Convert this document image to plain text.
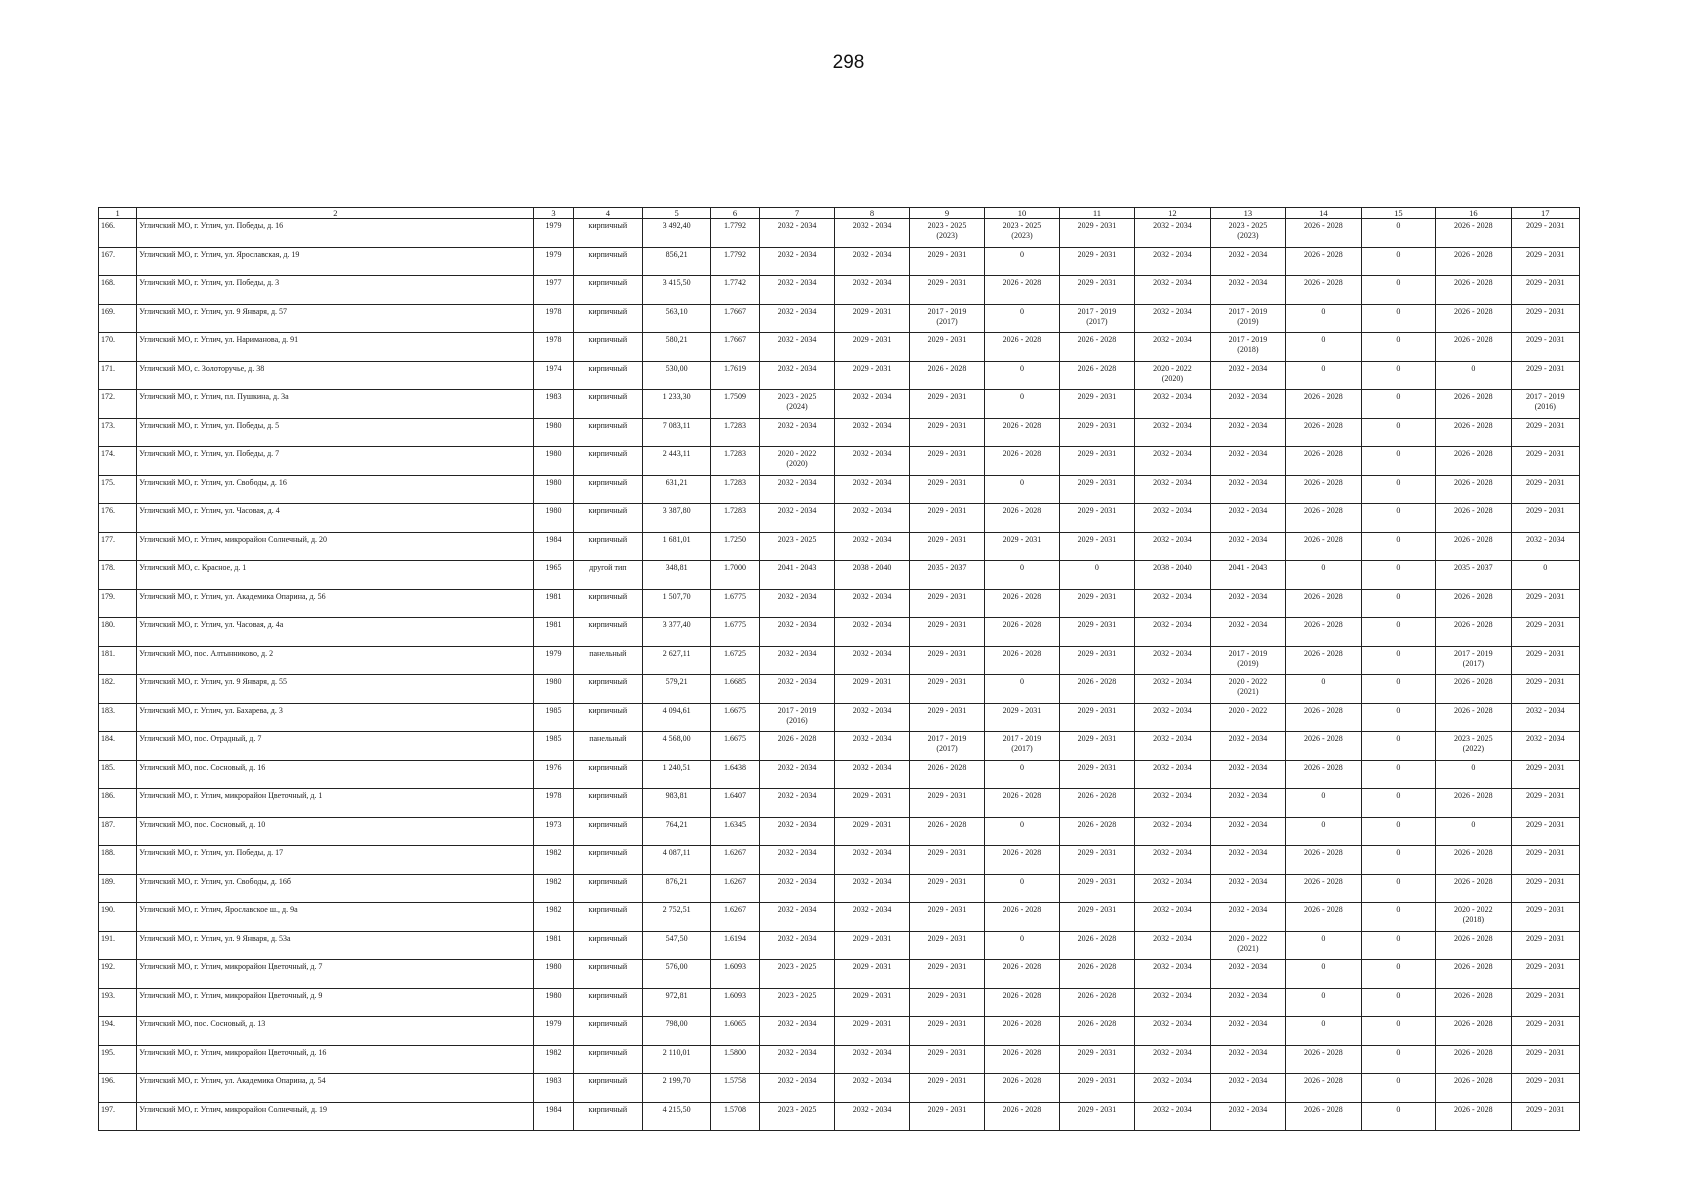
298
1	2	3	4	5	6	7	8	9	10	11	12	13	14	15	16	17
166.	Угличский МО, г. Углич, ул. Победы, д. 16	1979	кирпичный	3 492,40	1.7792	2032 - 2034	2032 - 2034	2023 - 2025
(2023)	2023 - 2025
(2023)	2029 - 2031	2032 - 2034	2023 - 2025
(2023)	2026 - 2028	0	2026 - 2028	2029 - 2031
167.	Угличский МО, г. Углич, ул. Ярославская, д. 19	1979	кирпичный	856,21	1.7792	2032 - 2034	2032 - 2034	2029 - 2031	0	2029 - 2031	2032 - 2034	2032 - 2034	2026 - 2028	0	2026 - 2028	2029 - 2031
168.	Угличский МО, г. Углич, ул. Победы, д. 3	1977	кирпичный	3 415,50	1.7742	2032 - 2034	2032 - 2034	2029 - 2031	2026 - 2028	2029 - 2031	2032 - 2034	2032 - 2034	2026 - 2028	0	2026 - 2028	2029 - 2031
169.	Угличский МО, г. Углич, ул. 9 Января, д. 57	1978	кирпичный	563,10	1.7667	2032 - 2034	2029 - 2031	2017 - 2019
(2017)	0	2017 - 2019
(2017)	2032 - 2034	2017 - 2019
(2019)	0	0	2026 - 2028	2029 - 2031
170.	Угличский МО, г. Углич, ул. Нариманова, д. 91	1978	кирпичный	580,21	1.7667	2032 - 2034	2029 - 2031	2029 - 2031	2026 - 2028	2026 - 2028	2032 - 2034	2017 - 2019
(2018)	0	0	2026 - 2028	2029 - 2031
171.	Угличский МО, с. Золоторучье, д. 38	1974	кирпичный	530,00	1.7619	2032 - 2034	2029 - 2031	2026 - 2028	0	2026 - 2028	2020 - 2022
(2020)	2032 - 2034	0	0	0	2029 - 2031
172.	Угличский МО, г. Углич, пл. Пушкина, д. 3а	1983	кирпичный	1 233,30	1.7509	2023 - 2025
(2024)	2032 - 2034	2029 - 2031	0	2029 - 2031	2032 - 2034	2032 - 2034	2026 - 2028	0	2026 - 2028	2017 - 2019
(2016)
173.	Угличский МО, г. Углич, ул. Победы, д. 5	1980	кирпичный	7 083,11	1.7283	2032 - 2034	2032 - 2034	2029 - 2031	2026 - 2028	2029 - 2031	2032 - 2034	2032 - 2034	2026 - 2028	0	2026 - 2028	2029 - 2031
174.	Угличский МО, г. Углич, ул. Победы, д. 7	1980	кирпичный	2 443,11	1.7283	2020 - 2022
(2020)	2032 - 2034	2029 - 2031	2026 - 2028	2029 - 2031	2032 - 2034	2032 - 2034	2026 - 2028	0	2026 - 2028	2029 - 2031
175.	Угличский МО, г. Углич, ул. Свободы, д. 16	1980	кирпичный	631,21	1.7283	2032 - 2034	2032 - 2034	2029 - 2031	0	2029 - 2031	2032 - 2034	2032 - 2034	2026 - 2028	0	2026 - 2028	2029 - 2031
176.	Угличский МО, г. Углич, ул. Часовая, д. 4	1980	кирпичный	3 387,80	1.7283	2032 - 2034	2032 - 2034	2029 - 2031	2026 - 2028	2029 - 2031	2032 - 2034	2032 - 2034	2026 - 2028	0	2026 - 2028	2029 - 2031
177.	Угличский МО, г. Углич, микрорайон Солнечный, д. 20	1984	кирпичный	1 681,01	1.7250	2023 - 2025	2032 - 2034	2029 - 2031	2029 - 2031	2029 - 2031	2032 - 2034	2032 - 2034	2026 - 2028	0	2026 - 2028	2032 - 2034
178.	Угличский МО, с. Красное, д. 1	1965	другой тип	348,81	1.7000	2041 - 2043	2038 - 2040	2035 - 2037	0	0	2038 - 2040	2041 - 2043	0	0	2035 - 2037	0
179.	Угличский МО, г. Углич, ул. Академика Опарина, д. 56	1981	кирпичный	1 507,70	1.6775	2032 - 2034	2032 - 2034	2029 - 2031	2026 - 2028	2029 - 2031	2032 - 2034	2032 - 2034	2026 - 2028	0	2026 - 2028	2029 - 2031
180.	Угличский МО, г. Углич, ул. Часовая, д. 4а	1981	кирпичный	3 377,40	1.6775	2032 - 2034	2032 - 2034	2029 - 2031	2026 - 2028	2029 - 2031	2032 - 2034	2032 - 2034	2026 - 2028	0	2026 - 2028	2029 - 2031
181.	Угличский МО, пос. Алтынниково, д. 2	1979	панельный	2 627,11	1.6725	2032 - 2034	2032 - 2034	2029 - 2031	2026 - 2028	2029 - 2031	2032 - 2034	2017 - 2019
(2019)	2026 - 2028	0	2017 - 2019
(2017)	2029 - 2031
182.	Угличский МО, г. Углич, ул. 9 Января, д. 55	1980	кирпичный	579,21	1.6685	2032 - 2034	2029 - 2031	2029 - 2031	0	2026 - 2028	2032 - 2034	2020 - 2022
(2021)	0	0	2026 - 2028	2029 - 2031
183.	Угличский МО, г. Углич, ул. Бахарева, д. 3	1985	кирпичный	4 094,61	1.6675	2017 - 2019
(2016)	2032 - 2034	2029 - 2031	2029 - 2031	2029 - 2031	2032 - 2034	2020 - 2022	2026 - 2028	0	2026 - 2028	2032 - 2034
184.	Угличский МО, пос. Отрадный, д. 7	1985	панельный	4 568,00	1.6675	2026 - 2028	2032 - 2034	2017 - 2019
(2017)	2017 - 2019
(2017)	2029 - 2031	2032 - 2034	2032 - 2034	2026 - 2028	0	2023 - 2025
(2022)	2032 - 2034
185.	Угличский МО, пос. Сосновый, д. 16	1976	кирпичный	1 240,51	1.6438	2032 - 2034	2032 - 2034	2026 - 2028	0	2029 - 2031	2032 - 2034	2032 - 2034	2026 - 2028	0	0	2029 - 2031
186.	Угличский МО, г. Углич, микрорайон Цветочный, д. 1	1978	кирпичный	983,81	1.6407	2032 - 2034	2029 - 2031	2029 - 2031	2026 - 2028	2026 - 2028	2032 - 2034	2032 - 2034	0	0	2026 - 2028	2029 - 2031
187.	Угличский МО, пос. Сосновый, д. 10	1973	кирпичный	764,21	1.6345	2032 - 2034	2029 - 2031	2026 - 2028	0	2026 - 2028	2032 - 2034	2032 - 2034	0	0	0	2029 - 2031
188.	Угличский МО, г. Углич, ул. Победы, д. 17	1982	кирпичный	4 087,11	1.6267	2032 - 2034	2032 - 2034	2029 - 2031	2026 - 2028	2029 - 2031	2032 - 2034	2032 - 2034	2026 - 2028	0	2026 - 2028	2029 - 2031
189.	Угличский МО, г. Углич, ул. Свободы, д. 16б	1982	кирпичный	876,21	1.6267	2032 - 2034	2032 - 2034	2029 - 2031	0	2029 - 2031	2032 - 2034	2032 - 2034	2026 - 2028	0	2026 - 2028	2029 - 2031
190.	Угличский МО, г. Углич, Ярославское ш., д. 9а	1982	кирпичный	2 752,51	1.6267	2032 - 2034	2032 - 2034	2029 - 2031	2026 - 2028	2029 - 2031	2032 - 2034	2032 - 2034	2026 - 2028	0	2020 - 2022
(2018)	2029 - 2031
191.	Угличский МО, г. Углич, ул. 9 Января, д. 53а	1981	кирпичный	547,50	1.6194	2032 - 2034	2029 - 2031	2029 - 2031	0	2026 - 2028	2032 - 2034	2020 - 2022
(2021)	0	0	2026 - 2028	2029 - 2031
192.	Угличский МО, г. Углич, микрорайон Цветочный, д. 7	1980	кирпичный	576,00	1.6093	2023 - 2025	2029 - 2031	2029 - 2031	2026 - 2028	2026 - 2028	2032 - 2034	2032 - 2034	0	0	2026 - 2028	2029 - 2031
193.	Угличский МО, г. Углич, микрорайон Цветочный, д. 9	1980	кирпичный	972,81	1.6093	2023 - 2025	2029 - 2031	2029 - 2031	2026 - 2028	2026 - 2028	2032 - 2034	2032 - 2034	0	0	2026 - 2028	2029 - 2031
194.	Угличский МО, пос. Сосновый, д. 13	1979	кирпичный	798,00	1.6065	2032 - 2034	2029 - 2031	2029 - 2031	2026 - 2028	2026 - 2028	2032 - 2034	2032 - 2034	0	0	2026 - 2028	2029 - 2031
195.	Угличский МО, г. Углич, микрорайон Цветочный, д. 16	1982	кирпичный	2 110,01	1.5800	2032 - 2034	2032 - 2034	2029 - 2031	2026 - 2028	2029 - 2031	2032 - 2034	2032 - 2034	2026 - 2028	0	2026 - 2028	2029 - 2031
196.	Угличский МО, г. Углич, ул. Академика Опарина, д. 54	1983	кирпичный	2 199,70	1.5758	2032 - 2034	2032 - 2034	2029 - 2031	2026 - 2028	2029 - 2031	2032 - 2034	2032 - 2034	2026 - 2028	0	2026 - 2028	2029 - 2031
197.	Угличский МО, г. Углич, микрорайон Солнечный, д. 19	1984	кирпичный	4 215,50	1.5708	2023 - 2025	2032 - 2034	2029 - 2031	2026 - 2028	2029 - 2031	2032 - 2034	2032 - 2034	2026 - 2028	0	2026 - 2028	2029 - 2031
